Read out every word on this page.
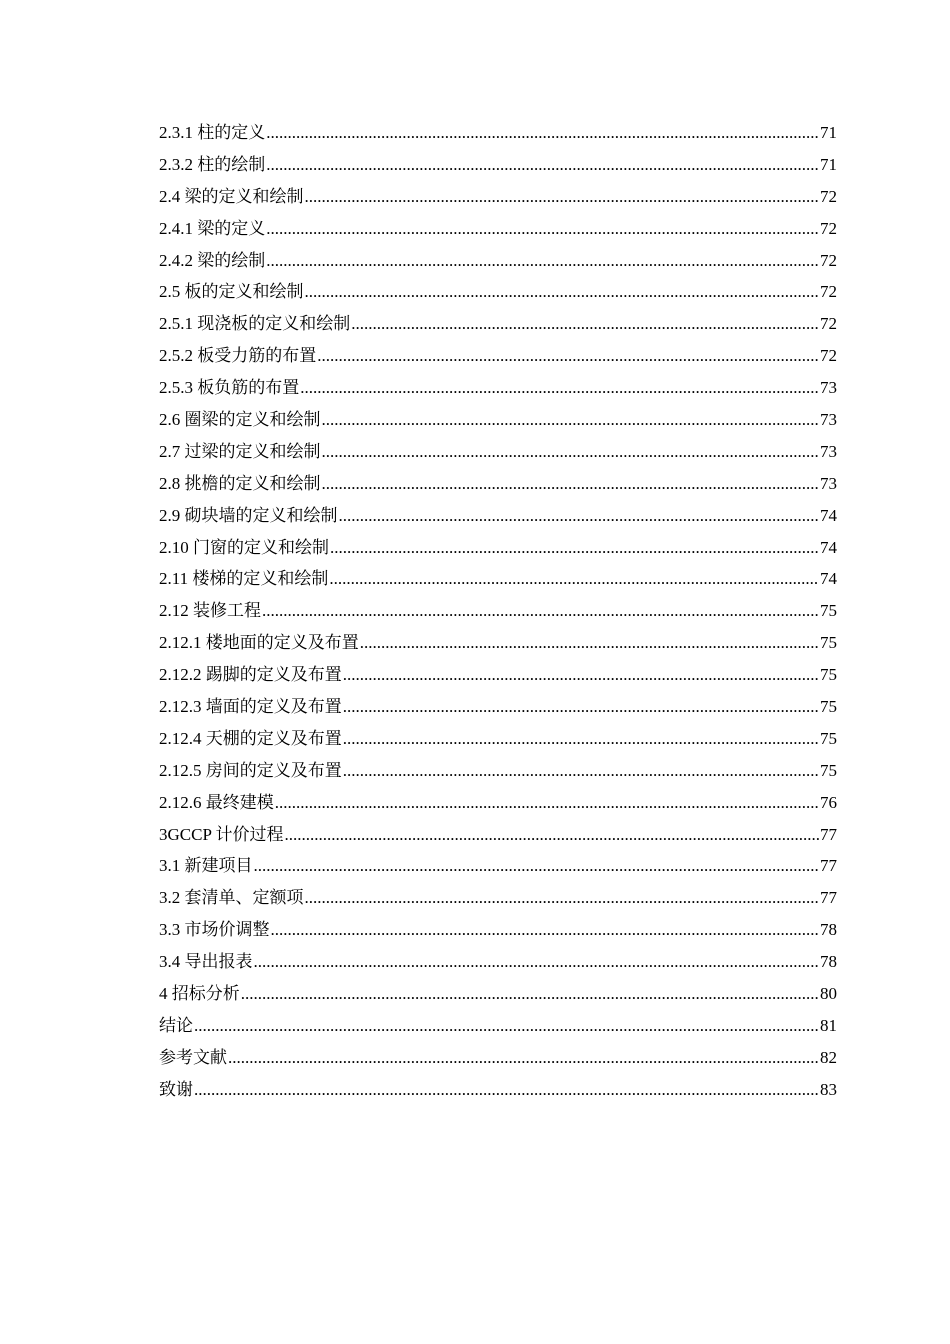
2.3.1 柱的定义 .....	71
2.3.2 柱的绘制 .....	71
2.4 梁的定义和绘制 .....	72
2.4.1 梁的定义 .....	72
2.4.2 梁的绘制 .....	72
2.5 板的定义和绘制 .....	72
2.5.1 现浇板的定义和绘制 .....	72
2.5.2 板受力筋的布置 .....	72
2.5.3 板负筋的布置 .....	73
2.6 圈梁的定义和绘制 .....	73
2.7 过梁的定义和绘制 .....	73
2.8 挑檐的定义和绘制 .....	73
2.9 砌块墙的定义和绘制 .....	74
2.10 门窗的定义和绘制 .....	74
2.11 楼梯的定义和绘制 .....	74
2.12 装修工程 .....	75
2.12.1 楼地面的定义及布置 .....	75
2.12.2 踢脚的定义及布置 .....	75
2.12.3 墙面的定义及布置 .....	75
2.12.4 天棚的定义及布置 .....	75
2.12.5 房间的定义及布置 .....	75
2.12.6 最终建模 .....	76
3GCCP 计价过程 .....	77
3.1 新建项目 .....	77
3.2 套清单、定额项 .....	77
3.3 市场价调整 .....	78
3.4 导出报表 .....	78
4 招标分析 .....	80
结论 .....	81
参考文献 .....	82
致谢 .....	83
